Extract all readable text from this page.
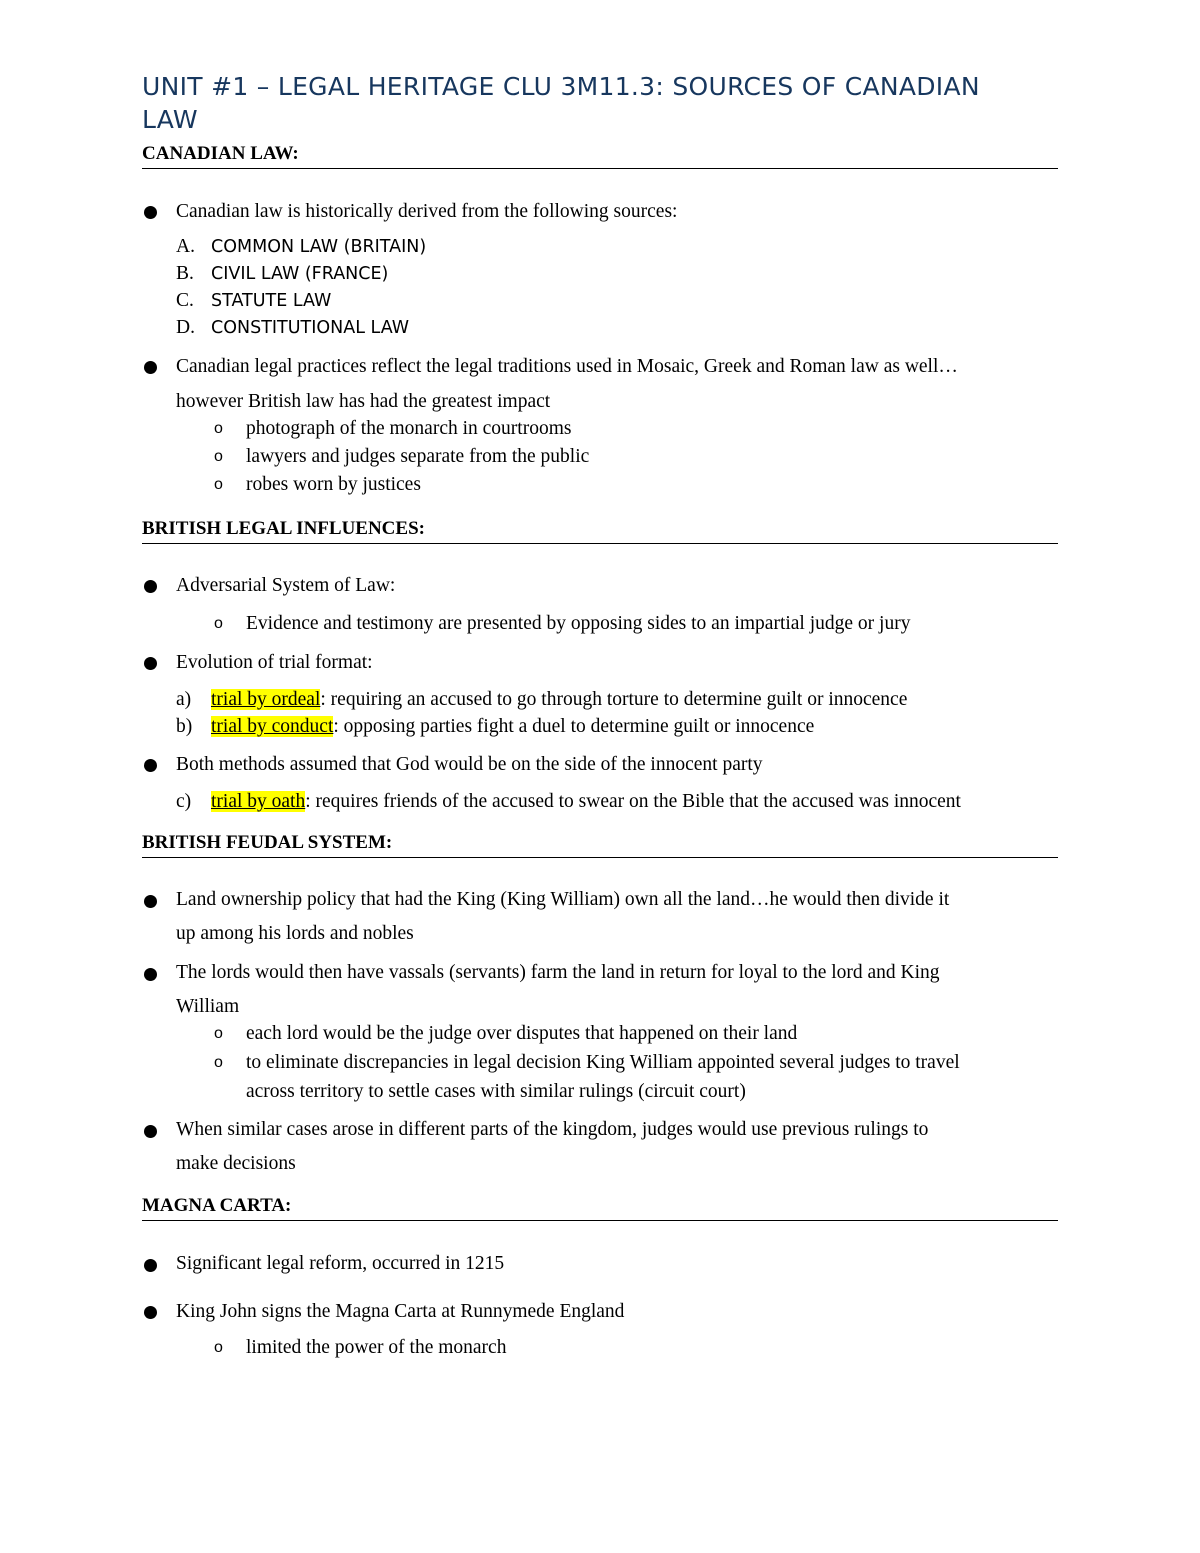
UNIT #1 – LEGAL HERITAGE CLU 3M11.3: SOURCES OF CANADIAN
LAW
CANADIAN LAW:
Canadian law is historically derived from the following sources:
A. COMMON LAW (BRITAIN)
B. CIVIL LAW (FRANCE)
C. STATUTE LAW
D. CONSTITUTIONAL LAW
Canadian legal practices reflect the legal traditions used in Mosaic, Greek and Roman law as well…
however British law has had the greatest impact
o photograph of the monarch in courtrooms
o lawyers and judges separate from the public
o robes worn by justices
BRITISH LEGAL INFLUENCES:
Adversarial System of Law:
o Evidence and testimony are presented by opposing sides to an impartial judge or jury
Evolution of trial format:
a) trial by ordeal: requiring an accused to go through torture to determine guilt or innocence
b) trial by conduct: opposing parties fight a duel to determine guilt or innocence
Both methods assumed that God would be on the side of the innocent party
c) trial by oath: requires friends of the accused to swear on the Bible that the accused was innocent
BRITISH FEUDAL SYSTEM:
Land ownership policy that had the King (King William) own all the land…he would then divide it
up among his lords and nobles
The lords would then have vassals (servants) farm the land in return for loyal to the lord and King
William
o each lord would be the judge over disputes that happened on their land
o to eliminate discrepancies in legal decision King William appointed several judges to travel
across territory to settle cases with similar rulings (circuit court)
When similar cases arose in different parts of the kingdom, judges would use previous rulings to
make decisions
MAGNA CARTA:
Significant legal reform, occurred in 1215
King John signs the Magna Carta at Runnymede England
o limited the power of the monarch
